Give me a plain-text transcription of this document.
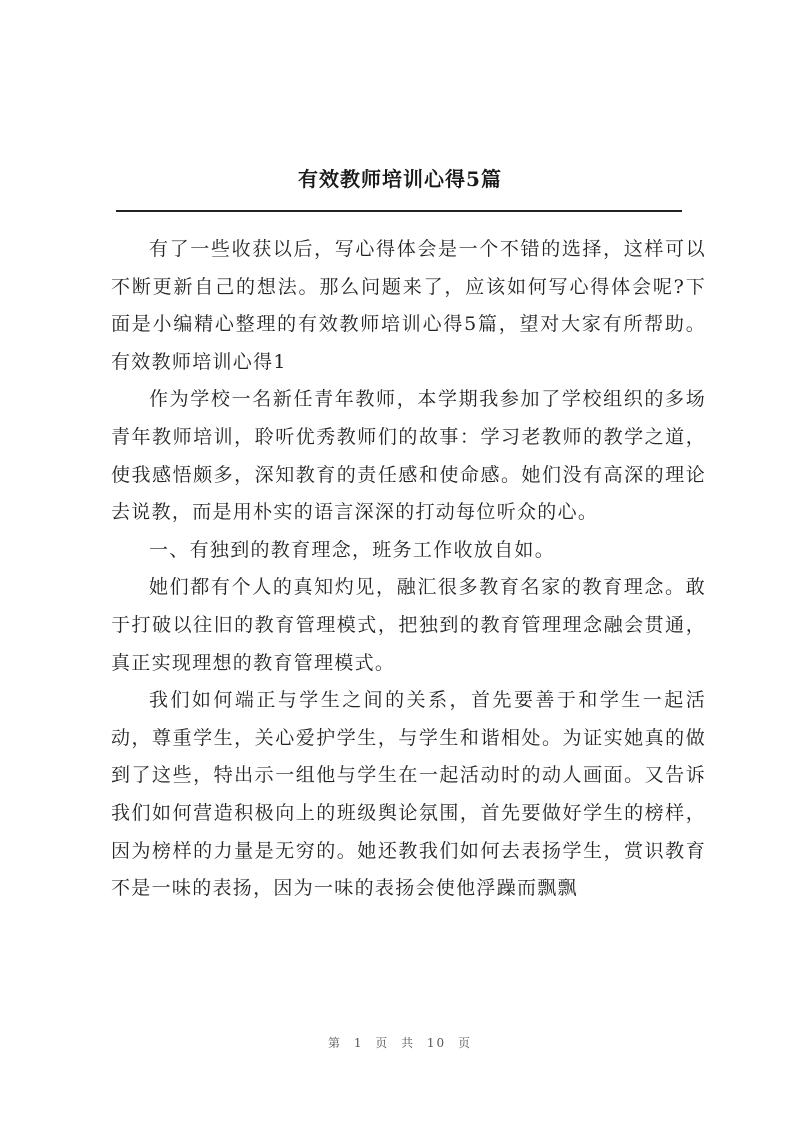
有效教师培训心得5篇

有了一些收获以后，写心得体会是一个不错的选择，这样可以不断更新自己的想法。那么问题来了，应该如何写心得体会呢?下面是小编精心整理的有效教师培训心得5篇，望对大家有所帮助。有效教师培训心得1

作为学校一名新任青年教师，本学期我参加了学校组织的多场青年教师培训，聆听优秀教师们的故事：学习老教师的教学之道，使我感悟颇多，深知教育的责任感和使命感。她们没有高深的理论去说教，而是用朴实的语言深深的打动每位听众的心。

一、有独到的教育理念，班务工作收放自如。

她们都有个人的真知灼见，融汇很多教育名家的教育理念。敢于打破以往旧的教育管理模式，把独到的教育管理理念融会贯通，真正实现理想的教育管理模式。

我们如何端正与学生之间的关系，首先要善于和学生一起活动，尊重学生，关心爱护学生，与学生和谐相处。为证实她真的做到了这些，特出示一组他与学生在一起活动时的动人画面。又告诉我们如何营造积极向上的班级舆论氛围，首先要做好学生的榜样，因为榜样的力量是无穷的。她还教我们如何去表扬学生，赏识教育不是一味的表扬，因为一味的表扬会使他浮躁而飘飘

第 1 页 共 10 页
